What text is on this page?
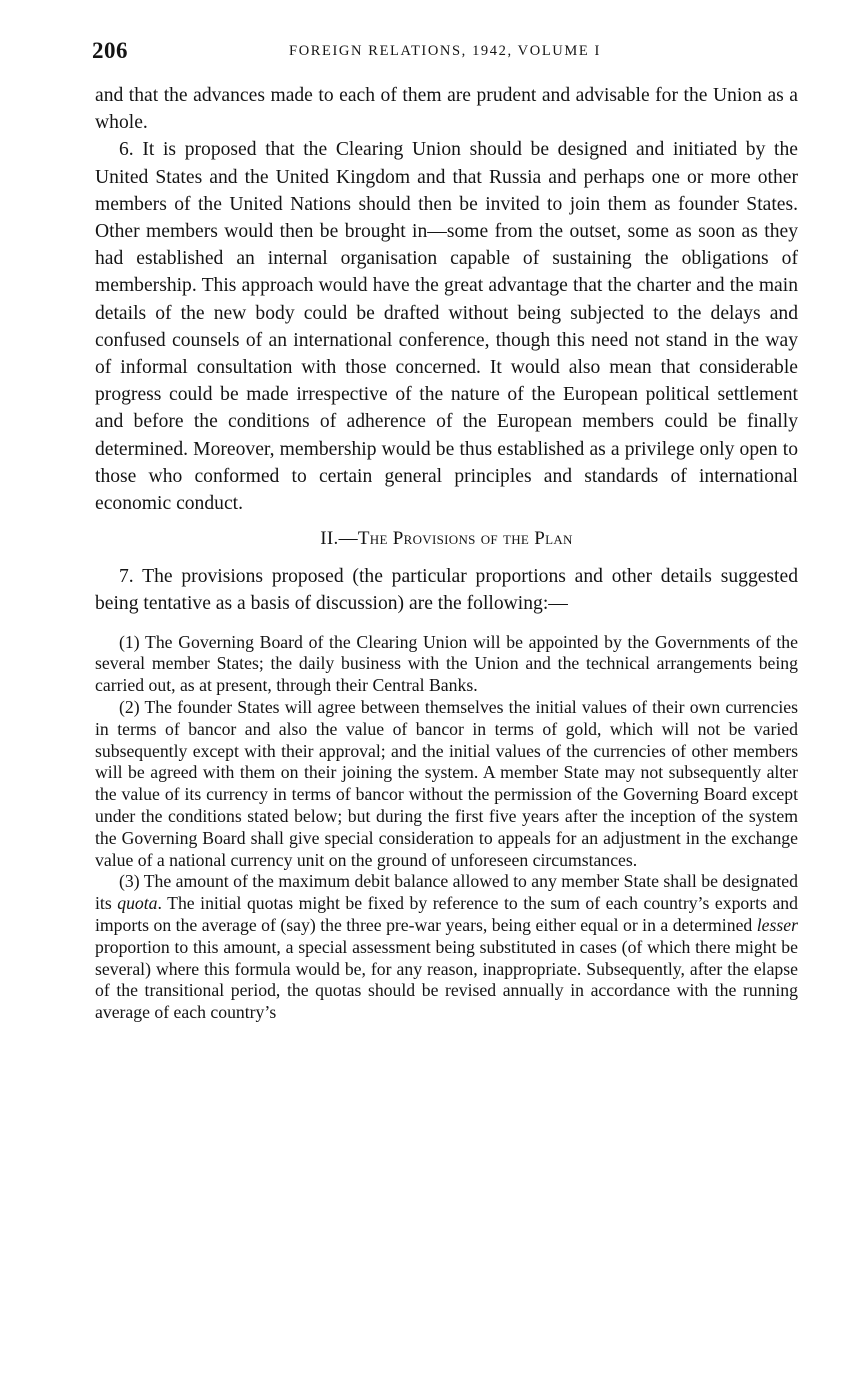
206	FOREIGN RELATIONS, 1942, VOLUME I

and that the advances made to each of them are prudent and advisable for the Union as a whole.

6. It is proposed that the Clearing Union should be designed and initiated by the United States and the United Kingdom and that Russia and perhaps one or more other members of the United Nations should then be invited to join them as founder States. Other members would then be brought in—some from the outset, some as soon as they had established an internal organisation capable of sustaining the obligations of membership. This approach would have the great advantage that the charter and the main details of the new body could be drafted without being subjected to the delays and confused counsels of an international conference, though this need not stand in the way of informal consultation with those concerned. It would also mean that considerable progress could be made irrespective of the nature of the European political settlement and before the conditions of adherence of the European members could be finally determined. Moreover, membership would be thus established as a privilege only open to those who conformed to certain general principles and standards of international economic conduct.

II.—The Provisions of the Plan

7. The provisions proposed (the particular proportions and other details suggested being tentative as a basis of discussion) are the following:—

(1) The Governing Board of the Clearing Union will be appointed by the Governments of the several member States; the daily business with the Union and the technical arrangements being carried out, as at present, through their Central Banks.

(2) The founder States will agree between themselves the initial values of their own currencies in terms of bancor and also the value of bancor in terms of gold, which will not be varied subsequently except with their approval; and the initial values of the currencies of other members will be agreed with them on their joining the system. A member State may not subsequently alter the value of its currency in terms of bancor without the permission of the Governing Board except under the conditions stated below; but during the first five years after the inception of the system the Governing Board shall give special consideration to appeals for an adjustment in the exchange value of a national currency unit on the ground of unforeseen circumstances.

(3) The amount of the maximum debit balance allowed to any member State shall be designated its quota. The initial quotas might be fixed by reference to the sum of each country’s exports and imports on the average of (say) the three pre-war years, being either equal or in a determined lesser proportion to this amount, a special assessment being substituted in cases (of which there might be several) where this formula would be, for any reason, inappropriate. Subsequently, after the elapse of the transitional period, the quotas should be revised annually in accordance with the running average of each country’s
